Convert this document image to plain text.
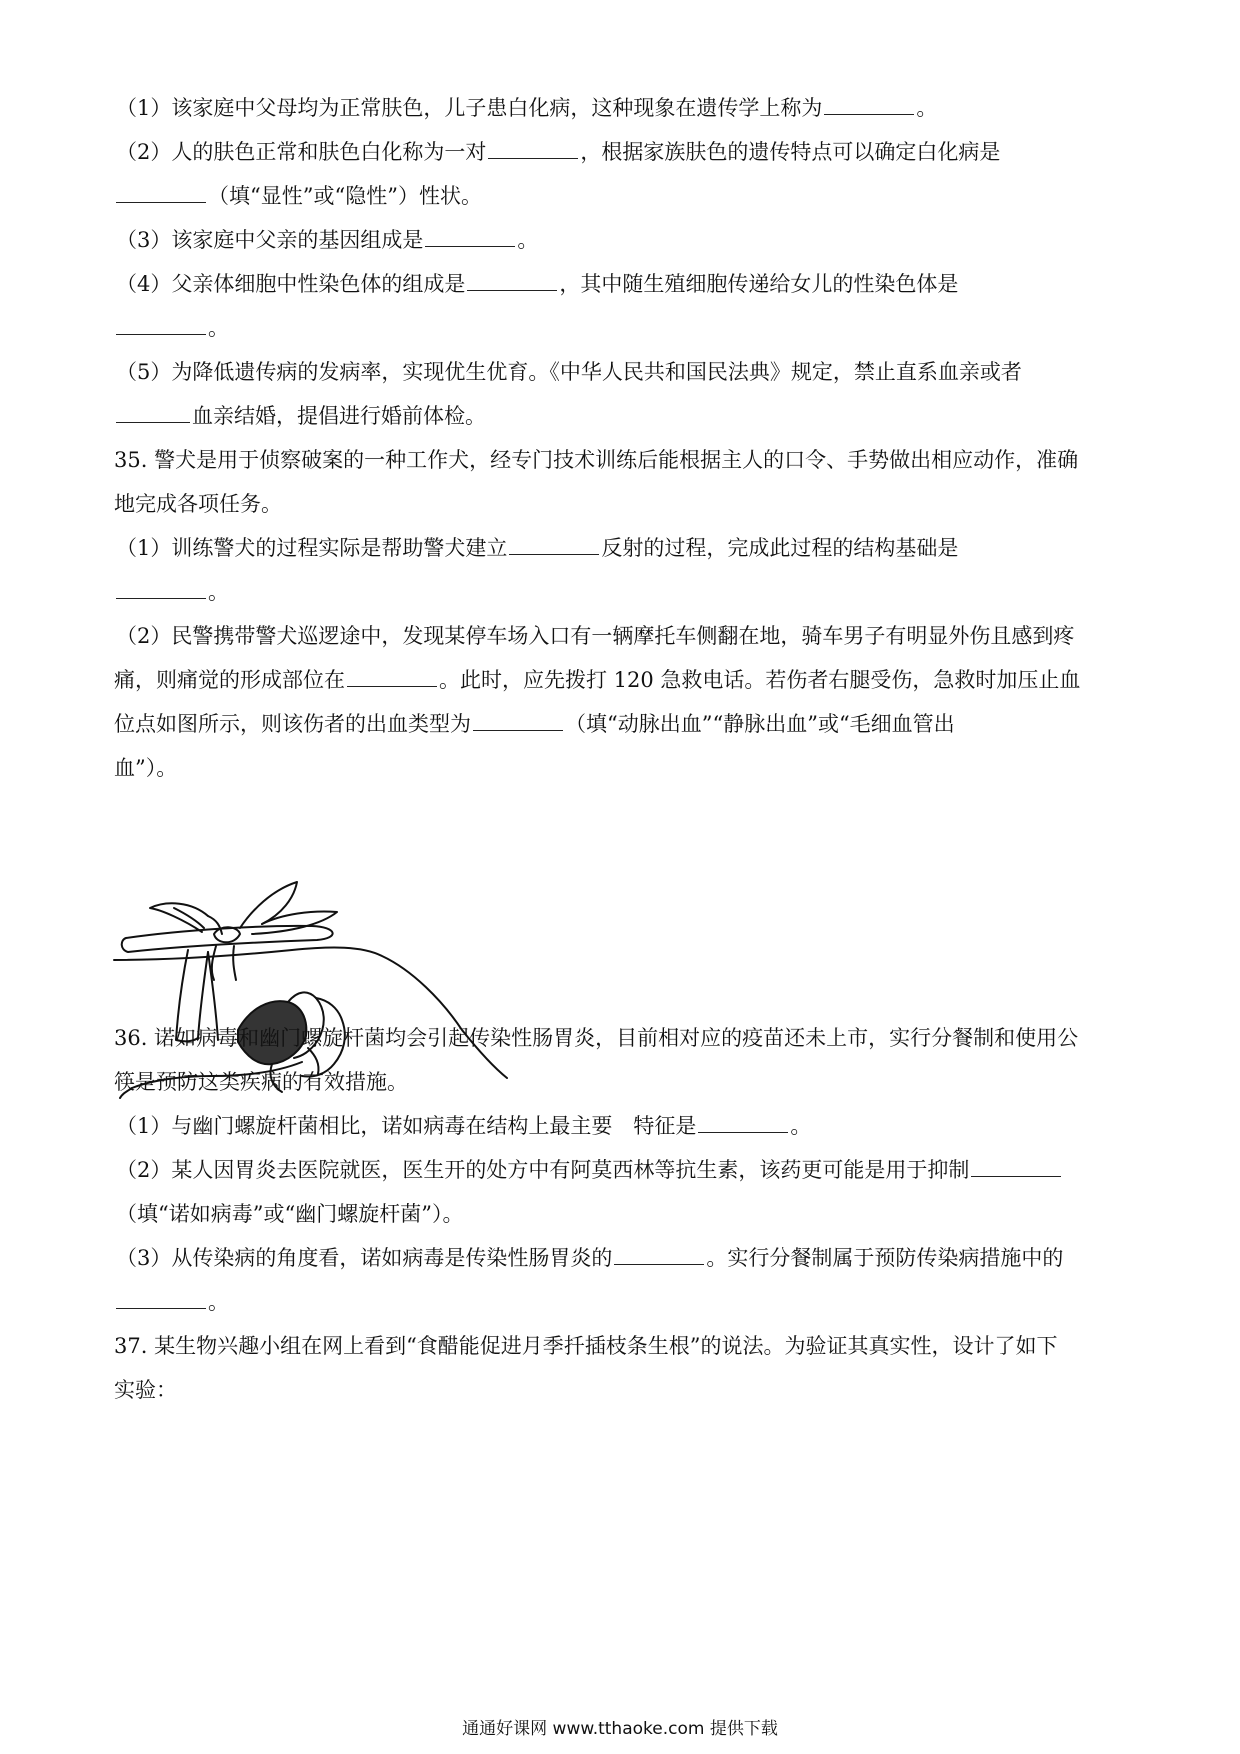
（1）该家庭中父母均为正常肤色，儿子患白化病，这种现象在遗传学上称为	。
（2）人的肤色正常和肤色白化称为一对	，根据家族肤色的遗传特点可以确定白化病是
（填“显性”或“隐性”）性状。
（3）该家庭中父亲的基因组成是	。
（4）父亲体细胞中性染色体的组成是	，其中随生殖细胞传递给女儿的性染色体是
。
（5）为降低遗传病的发病率，实现优生优育。《中华人民共和国民法典》规定，禁止直系血亲或者
血亲结婚，提倡进行婚前体检。
35. 警犬是用于侦察破案的一种工作犬，经专门技术训练后能根据主人的口令、手势做出相应动作，准确
地完成各项任务。
（1）训练警犬的过程实际是帮助警犬建立	反射的过程，完成此过程的结构基础是
。
（2）民警携带警犬巡逻途中，发现某停车场入口有一辆摩托车侧翻在地，骑车男子有明显外伤且感到疼
痛，则痛觉的形成部位在	。此时，应先拨打 120 急救电话。若伤者右腿受伤，急救时加压止血
位点如图所示，则该伤者的出血类型为	（填“动脉出血”“静脉出血”或“毛细血管出
血”）。
36. 诺如病毒和幽门螺旋杆菌均会引起传染性肠胃炎，目前相对应的疫苗还未上市，实行分餐制和使用公
筷是预防这类疾病的有效措施。
（1）与幽门螺旋杆菌相比，诺如病毒在结构上最主要　特征是	。
（2）某人因胃炎去医院就医，医生开的处方中有阿莫西林等抗生素，该药更可能是用于抑制
（填“诺如病毒”或“幽门螺旋杆菌”）。
（3）从传染病的角度看，诺如病毒是传染性肠胃炎的	。实行分餐制属于预防传染病措施中的
。
37. 某生物兴趣小组在网上看到“食醋能促进月季扦插枝条生根”的说法。为验证其真实性，设计了如下
实验：
通通好课网 www.tthaoke.com 提供下载
